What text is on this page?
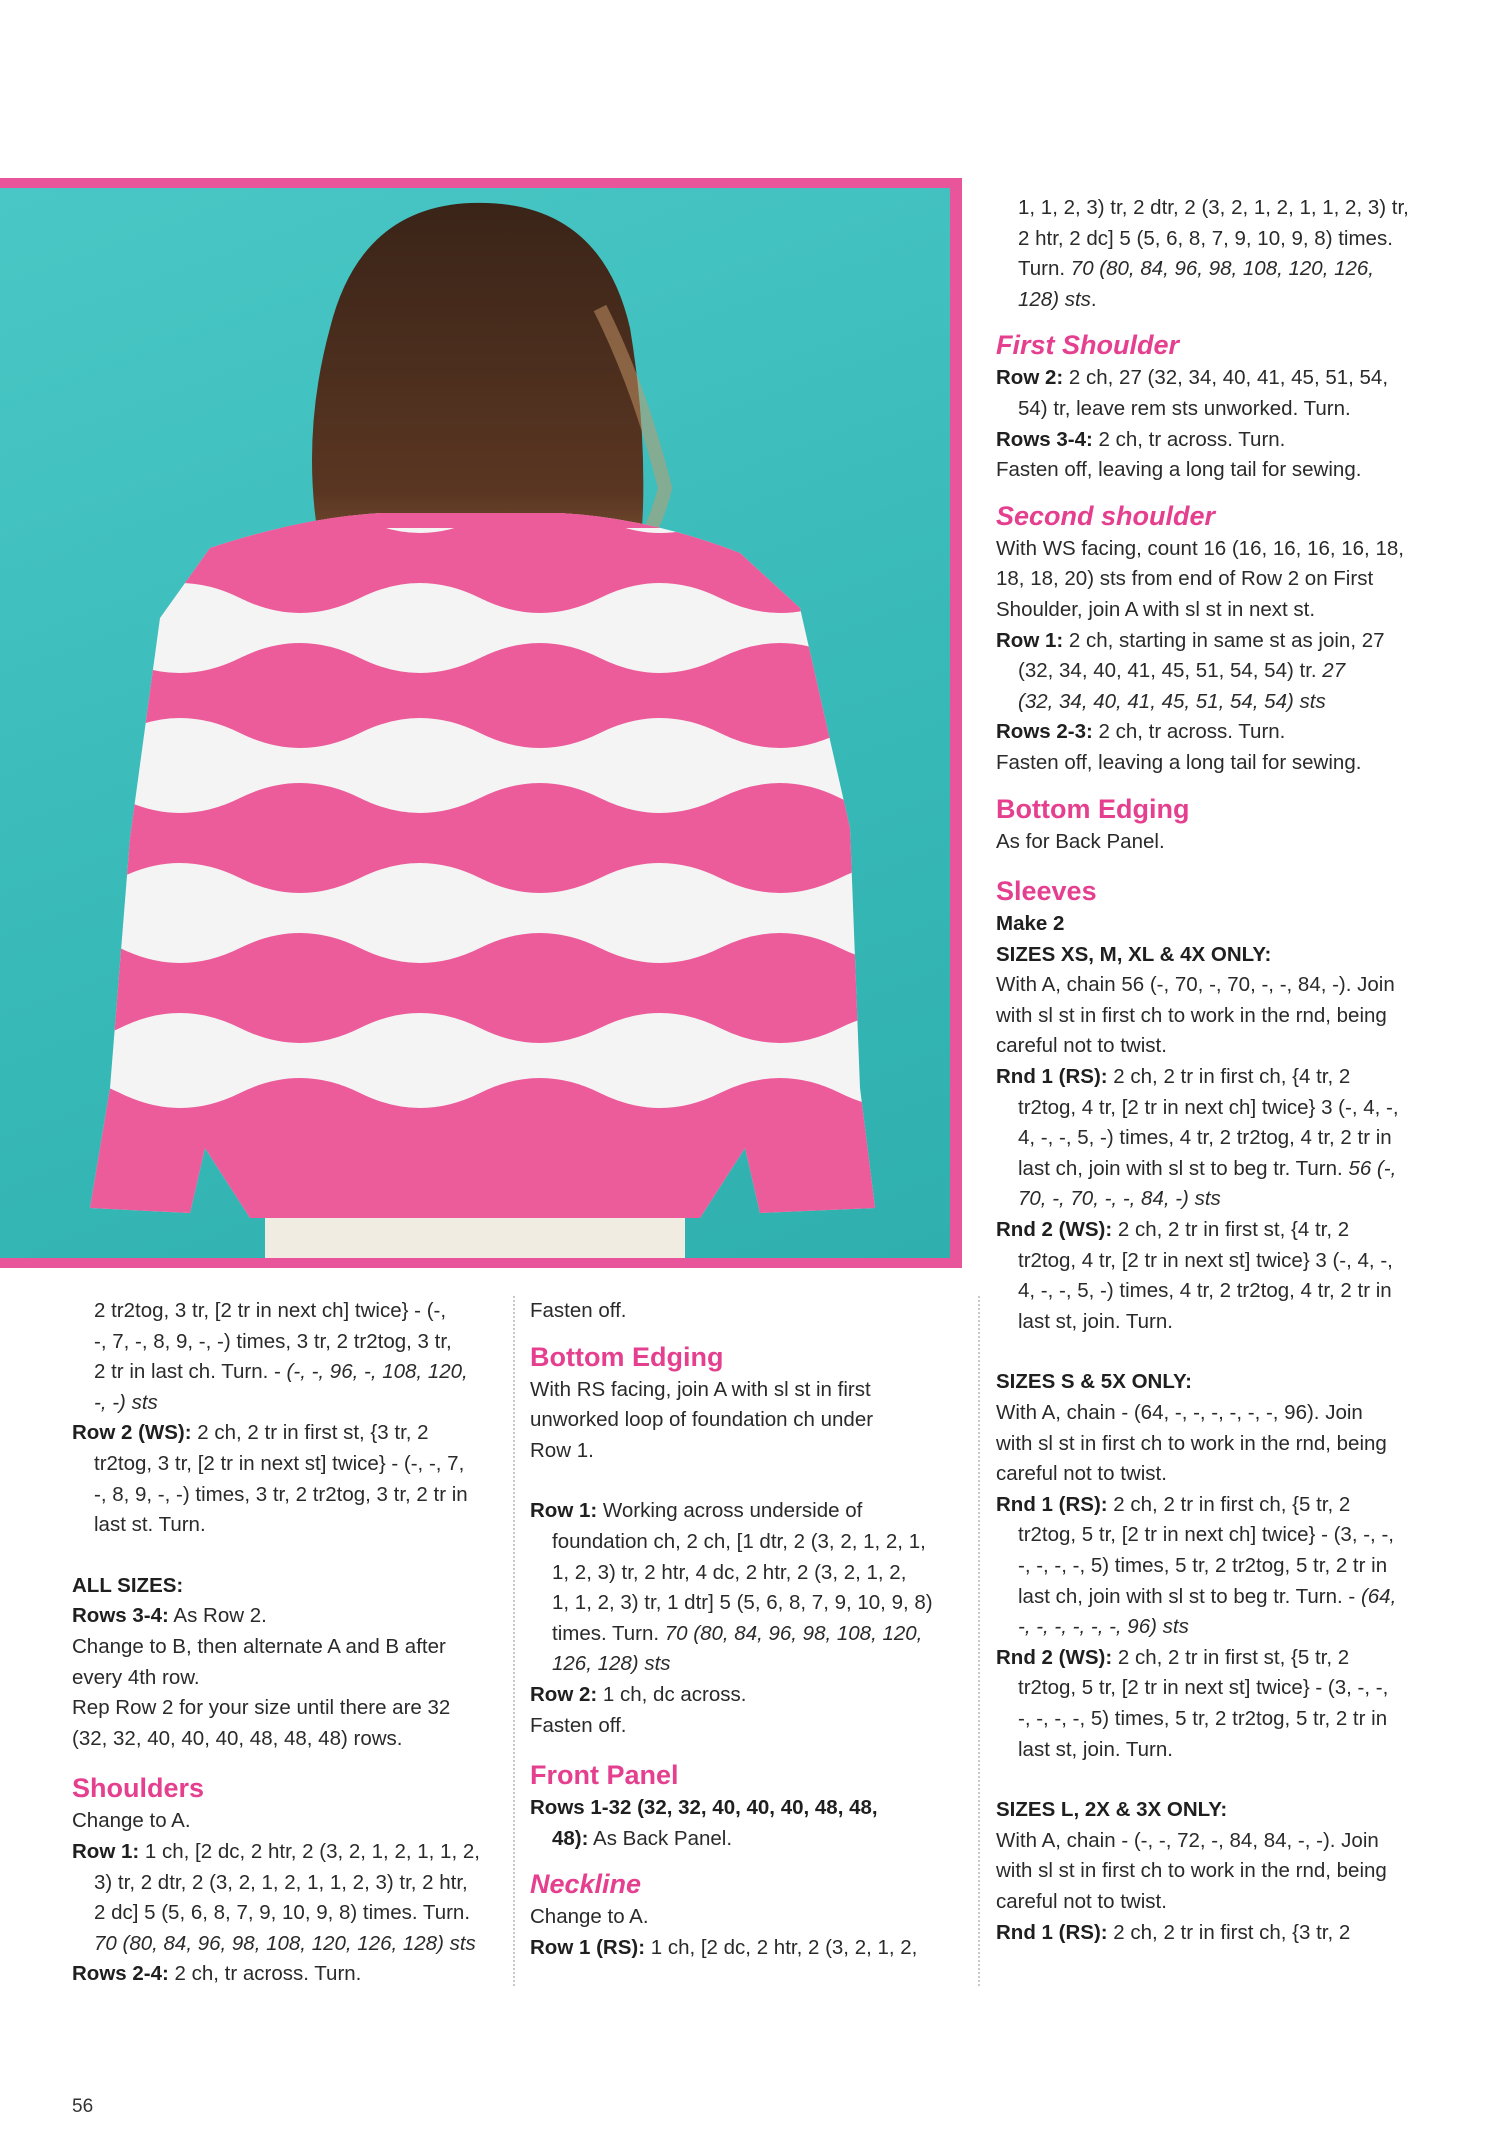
1, 1, 2, 3) tr, 2 dtr, 2 (3, 2, 1, 2, 1, 1, 2, 3) tr,

2 htr, 2 dc] 5 (5, 6, 8, 7, 9, 10, 9, 8) times.

Turn. 70 (80, 84, 96, 98, 108, 120, 126,

128) sts.

First Shoulder

Row 2: 2 ch, 27 (32, 34, 40, 41, 45, 51, 54,

54) tr, leave rem sts unworked. Turn.

Rows 3-4: 2 ch, tr across. Turn.

Fasten off, leaving a long tail for sewing.

Second shoulder

With WS facing, count 16 (16, 16, 16, 16, 18,

18, 18, 20) sts from end of Row 2 on First

Shoulder, join A with sl st in next st.

Row 1: 2 ch, starting in same st as join, 27

(32, 34, 40, 41, 45, 51, 54, 54) tr. 27

(32, 34, 40, 41, 45, 51, 54, 54) sts

Rows 2-3: 2 ch, tr across. Turn.

Fasten off, leaving a long tail for sewing.

Bottom Edging

As for Back Panel.

Sleeves

Make 2

SIZES XS, M, XL & 4X ONLY:

With A, chain 56 (-, 70, -, 70, -, -, 84, -). Join

with sl st in first ch to work in the rnd, being

careful not to twist.

Rnd 1 (RS): 2 ch, 2 tr in first ch, {4 tr, 2

tr2tog, 4 tr, [2 tr in next ch] twice} 3 (-, 4, -,

4, -, -, 5, -) times, 4 tr, 2 tr2tog, 4 tr, 2 tr in

last ch, join with sl st to beg tr. Turn. 56 (-,

70, -, 70, -, -, 84, -) sts

Rnd 2 (WS): 2 ch, 2 tr in first st, {4 tr, 2

tr2tog, 4 tr, [2 tr in next st] twice} 3 (-, 4, -,

4, -, -, 5, -) times, 4 tr, 2 tr2tog, 4 tr, 2 tr in

last st, join. Turn.

SIZES S & 5X ONLY:

With A, chain - (64, -, -, -, -, -, -, 96). Join

with sl st in first ch to work in the rnd, being

careful not to twist.

Rnd 1 (RS): 2 ch, 2 tr in first ch, {5 tr, 2

tr2tog, 5 tr, [2 tr in next ch] twice} - (3, -, -,

-, -, -, -, 5) times, 5 tr, 2 tr2tog, 5 tr, 2 tr in

last ch, join with sl st to beg tr. Turn. - (64,

-, -, -, -, -, -, 96) sts

Rnd 2 (WS): 2 ch, 2 tr in first st, {5 tr, 2

tr2tog, 5 tr, [2 tr in next st] twice} - (3, -, -,

-, -, -, -, 5) times, 5 tr, 2 tr2tog, 5 tr, 2 tr in

last st, join. Turn.

SIZES L, 2X & 3X ONLY:

With A, chain - (-, -, 72, -, 84, 84, -, -). Join

with sl st in first ch to work in the rnd, being

careful not to twist.

Rnd 1 (RS): 2 ch, 2 tr in first ch, {3 tr, 2

2 tr2tog, 3 tr, [2 tr in next ch] twice} - (-,

-, 7, -, 8, 9, -, -) times, 3 tr, 2 tr2tog, 3 tr,

2 tr in last ch. Turn. - (-, -, 96, -, 108, 120,

-, -) sts

Row 2 (WS): 2 ch, 2 tr in first st, {3 tr, 2

tr2tog, 3 tr, [2 tr in next st] twice} - (-, -, 7,

-, 8, 9, -, -) times, 3 tr, 2 tr2tog, 3 tr, 2 tr in

last st. Turn.

ALL SIZES:

Rows 3-4: As Row 2.

Change to B, then alternate A and B after

every 4th row.

Rep Row 2 for your size until there are 32

(32, 32, 40, 40, 40, 48, 48, 48) rows.

Shoulders

Change to A.

Row 1: 1 ch, [2 dc, 2 htr, 2 (3, 2, 1, 2, 1, 1, 2,

3) tr, 2 dtr, 2 (3, 2, 1, 2, 1, 1, 2, 3) tr, 2 htr,

2 dc] 5 (5, 6, 8, 7, 9, 10, 9, 8) times. Turn.

70 (80, 84, 96, 98, 108, 120, 126, 128) sts

Rows 2-4: 2 ch, tr across. Turn.

Fasten off.

Bottom Edging

With RS facing, join A with sl st in first

unworked loop of foundation ch under

Row 1.

Row 1: Working across underside of

foundation ch, 2 ch, [1 dtr, 2 (3, 2, 1, 2, 1,

1, 2, 3) tr, 2 htr, 4 dc, 2 htr, 2 (3, 2, 1, 2,

1, 1, 2, 3) tr, 1 dtr] 5 (5, 6, 8, 7, 9, 10, 9, 8)

times. Turn. 70 (80, 84, 96, 98, 108, 120,

126, 128) sts

Row 2: 1 ch, dc across.

Fasten off.

Front Panel

Rows 1-32 (32, 32, 40, 40, 40, 48, 48,

48): As Back Panel.

Neckline

Change to A.

Row 1 (RS): 1 ch, [2 dc, 2 htr, 2 (3, 2, 1, 2,

56
